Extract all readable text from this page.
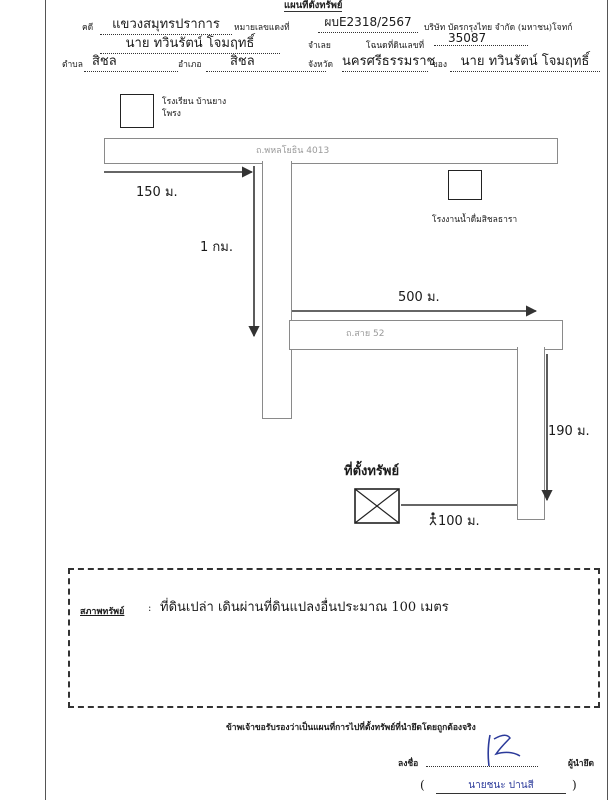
แผนที่ตั้งทรัพย์
คดี	แขวงสมุทรปราการ	หมายเลขแดงที่	ผบE2318/2567	บริษัท บัตรกรุงไทย จำกัด (มหาชน)โจทก์
นาย ทวินรัตน์ โจมฤทธิ์	จำเลย	โฉนดที่ดินเลขที่
35087
ตำบล สิชล	อำเภอ	สิชล	จังหวัด นครศรีธรรมราช
ของ	นาย ทวินรัตน์ โจมฤทธิ์
โรงเรียน บ้านยางโพรง
ถ.พหลโยธิน 4013
ถ.สาย 52
โรงงานน้ำดื่มสิชลธารา
150 ม.
1 กม.
500 ม.
190 ม.
100 ม.
ที่ตั้งทรัพย์
สภาพทรัพย์ : ที่ดินเปล่า เดินผ่านที่ดินแปลงอื่นประมาณ 100 เมตร
ข้าพเจ้าขอรับรองว่าเป็นแผนที่การไปที่ตั้งทรัพย์ที่นำยึดโดยถูกต้องจริง
ลงชื่อ	ผู้นำยึด
(	นายชนะ ปานสี	)
